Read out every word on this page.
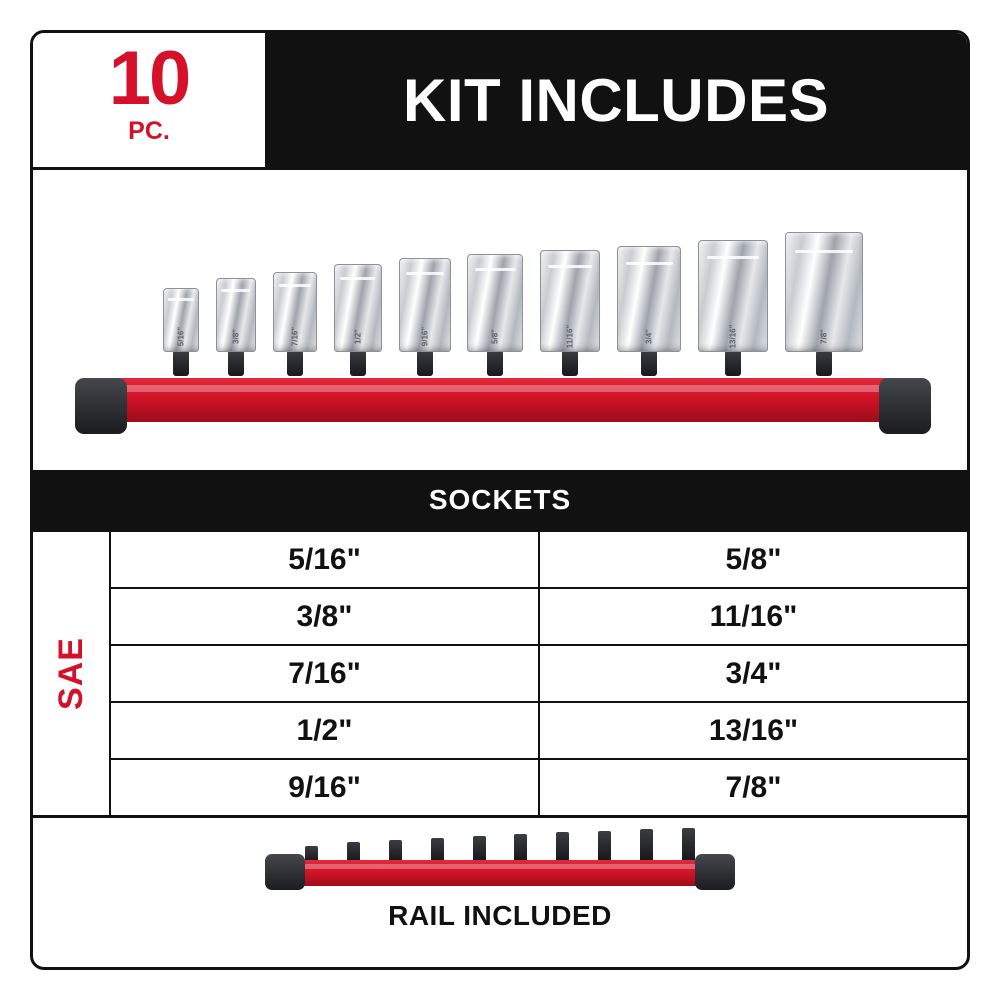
10
PC.	KIT INCLUDES
5/16"	3/8"	7/16"	1/2"	9/16"	5/8"	11/16"	3/4"	13/16"	7/8"
SOCKETS
SAE
5/16"	5/8"
3/8"	11/16"
7/16"	3/4"
1/2"	13/16"
9/16"	7/8"
RAIL INCLUDED
